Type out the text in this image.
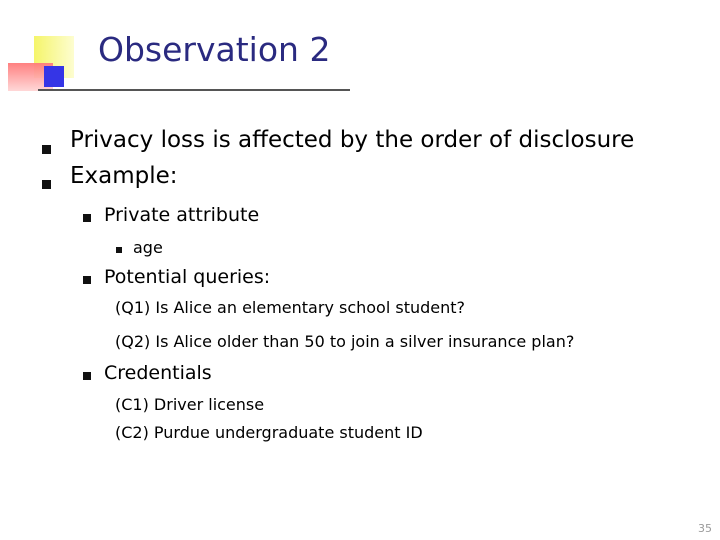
Observation 2

Privacy loss is affected by the order of disclosure

Example:

Private attribute

age

Potential queries:

(Q1) Is Alice an elementary school student?

(Q2) Is Alice older than 50 to join a silver insurance plan?

Credentials

(C1) Driver license

(C2) Purdue undergraduate student ID

35
